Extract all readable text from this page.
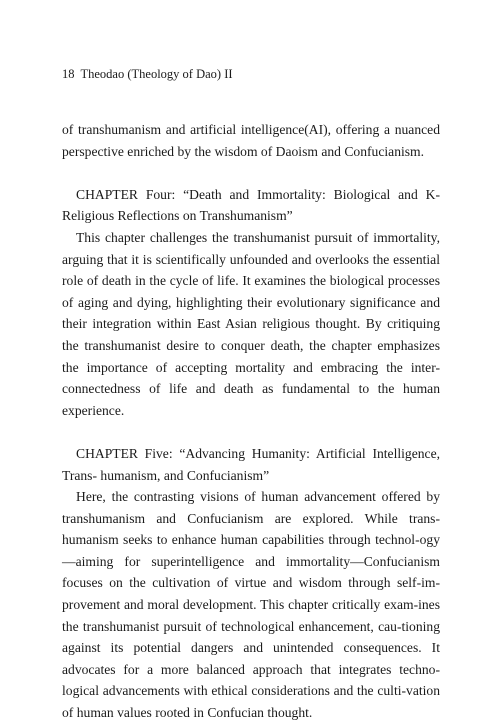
18 Theodao (Theology of Dao) II

of transhumanism and artificial intelligence(AI), offering a nuanced perspective enriched by the wisdom of Daoism and Confucianism.

CHAPTER Four: “Death and Immortality: Biological and K-Religious Reflections on Transhumanism”

This chapter challenges the transhumanist pursuit of immortality, arguing that it is scientifically unfounded and overlooks the essential role of death in the cycle of life. It examines the biological processes of aging and dying, highlighting their evolutionary significance and their integration within East Asian religious thought. By critiquing the transhumanist desire to conquer death, the chapter emphasizes the importance of accepting mortality and embracing the inter-connectedness of life and death as fundamental to the human experience.

CHAPTER Five: “Advancing Humanity: Artificial Intelligence, Trans- humanism, and Confucianism”

Here, the contrasting visions of human advancement offered by transhumanism and Confucianism are explored. While trans-humanism seeks to enhance human capabilities through technol-ogy—aiming for superintelligence and immortality—Confucianism focuses on the cultivation of virtue and wisdom through self-im-provement and moral development. This chapter critically exam-ines the transhumanist pursuit of technological enhancement, cau-tioning against its potential dangers and unintended consequences. It advocates for a more balanced approach that integrates techno-logical advancements with ethical considerations and the culti-vation of human values rooted in Confucian thought.
